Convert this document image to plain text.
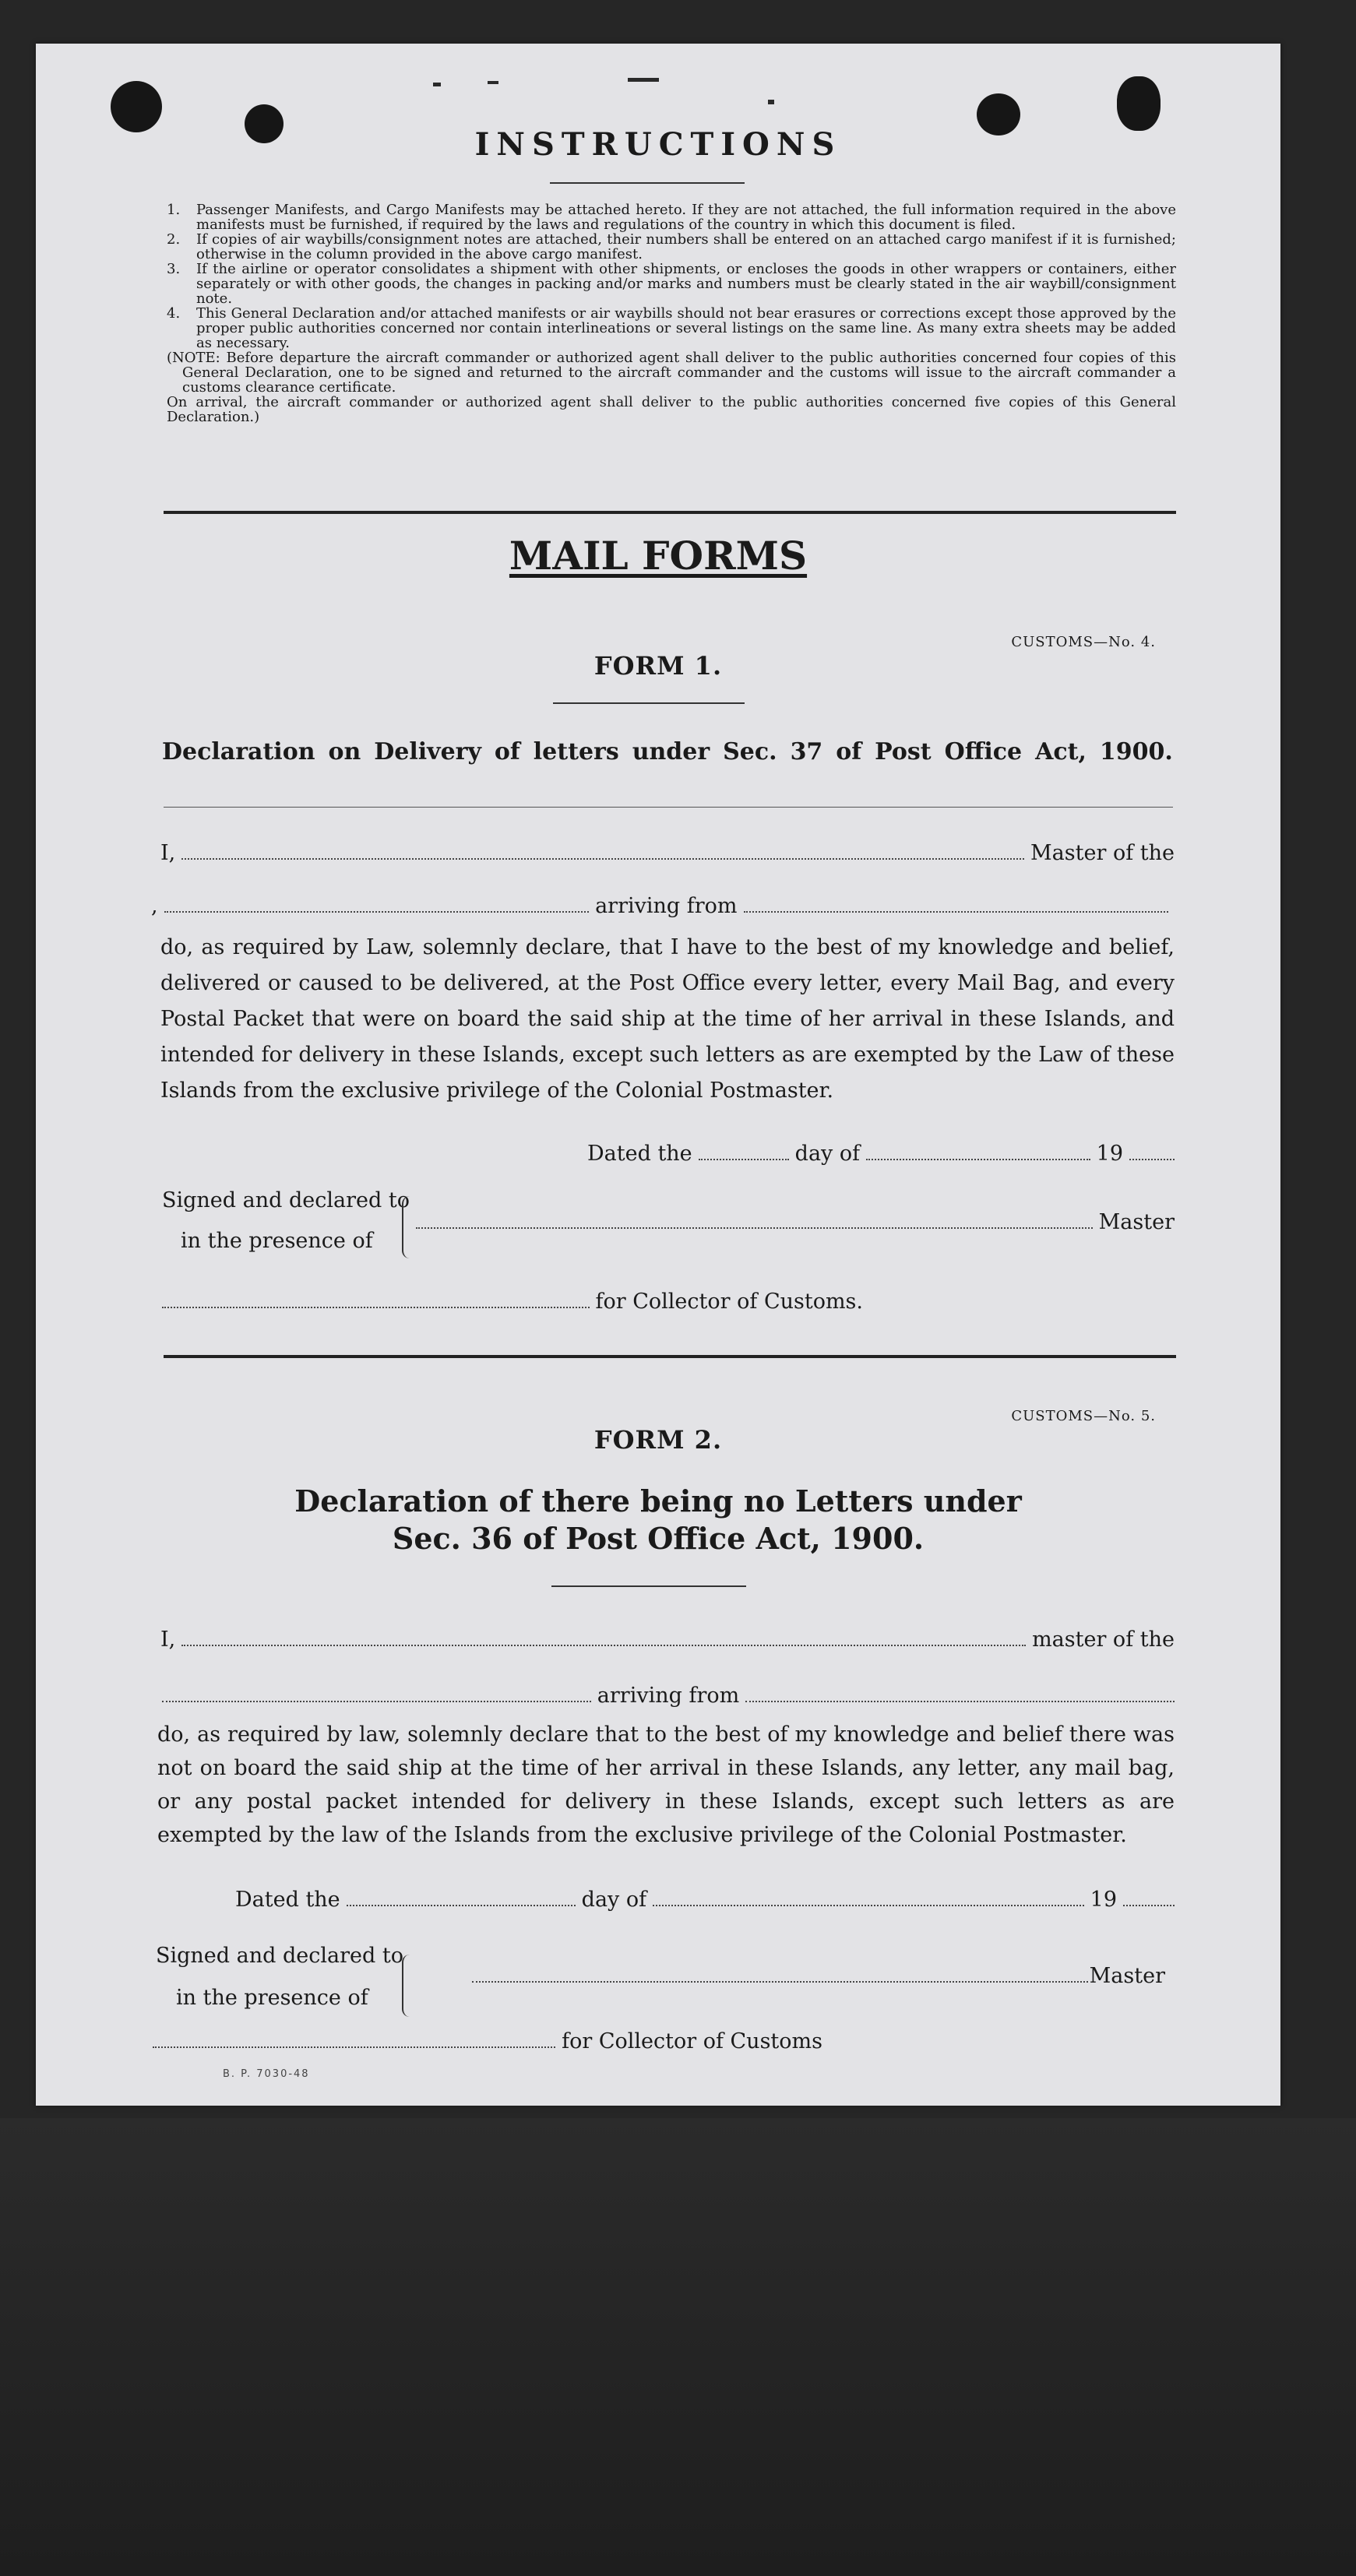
INSTRUCTIONS
1.	Passenger Manifests, and Cargo Manifests may be attached hereto. If they are not attached, the full information required in the above manifests must be furnished, if required by the laws and regulations of the country in which this document is filed.
2.	If copies of air waybills/consignment notes are attached, their numbers shall be entered on an attached cargo manifest if it is furnished; otherwise in the column provided in the above cargo manifest.
3.	If the airline or operator consolidates a shipment with other shipments, or encloses the goods in other wrappers or containers, either separately or with other goods, the changes in packing and/or marks and numbers must be clearly stated in the air waybill/consignment note.
4.	This General Declaration and/or attached manifests or air waybills should not bear erasures or corrections except those approved by the proper public authorities concerned nor contain interlineations or several listings on the same line. As many extra sheets may be added as necessary.
(NOTE: Before departure the aircraft commander or authorized agent shall deliver to the public authorities concerned four copies of this General Declaration, one to be signed and returned to the aircraft commander and the customs will issue to the aircraft commander a customs clearance certificate.
On arrival, the aircraft commander or authorized agent shall deliver to the public authorities concerned five copies of this General Declaration.)
MAIL FORMS
CUSTOMS—No. 4.
FORM 1.
Declaration on Delivery of letters under Sec. 37 of Post Office Act, 1900.
I,	Master of the
,	arriving from
do, as required by Law, solemnly declare, that I have to the best of my knowledge and belief, delivered or caused to be delivered, at the Post Office every letter, every Mail Bag, and every Postal Packet that were on board the said ship at the time of her arrival in these Islands, and intended for delivery in these Islands, except such letters as are exempted by the Law of these Islands from the exclusive privilege of the Colonial Postmaster.
Dated the	day of	19
Signed and declared to
in the presence of
Master
for Collector of Customs.
CUSTOMS—No. 5.
FORM 2.
Declaration of there being no Letters under
Sec. 36 of Post Office Act, 1900.
I,	master of the
arriving from
do, as required by law, solemnly declare that to the best of my knowledge and belief there was not on board the said ship at the time of her arrival in these Islands, any letter, any mail bag, or any postal packet intended for delivery in these Islands, except such letters as are exempted by the law of the Islands from the exclusive privilege of the Colonial Postmaster.
Dated the	day of	19
Signed and declared to
in the presence of
Master
for Collector of Customs
B. P. 7030-48
